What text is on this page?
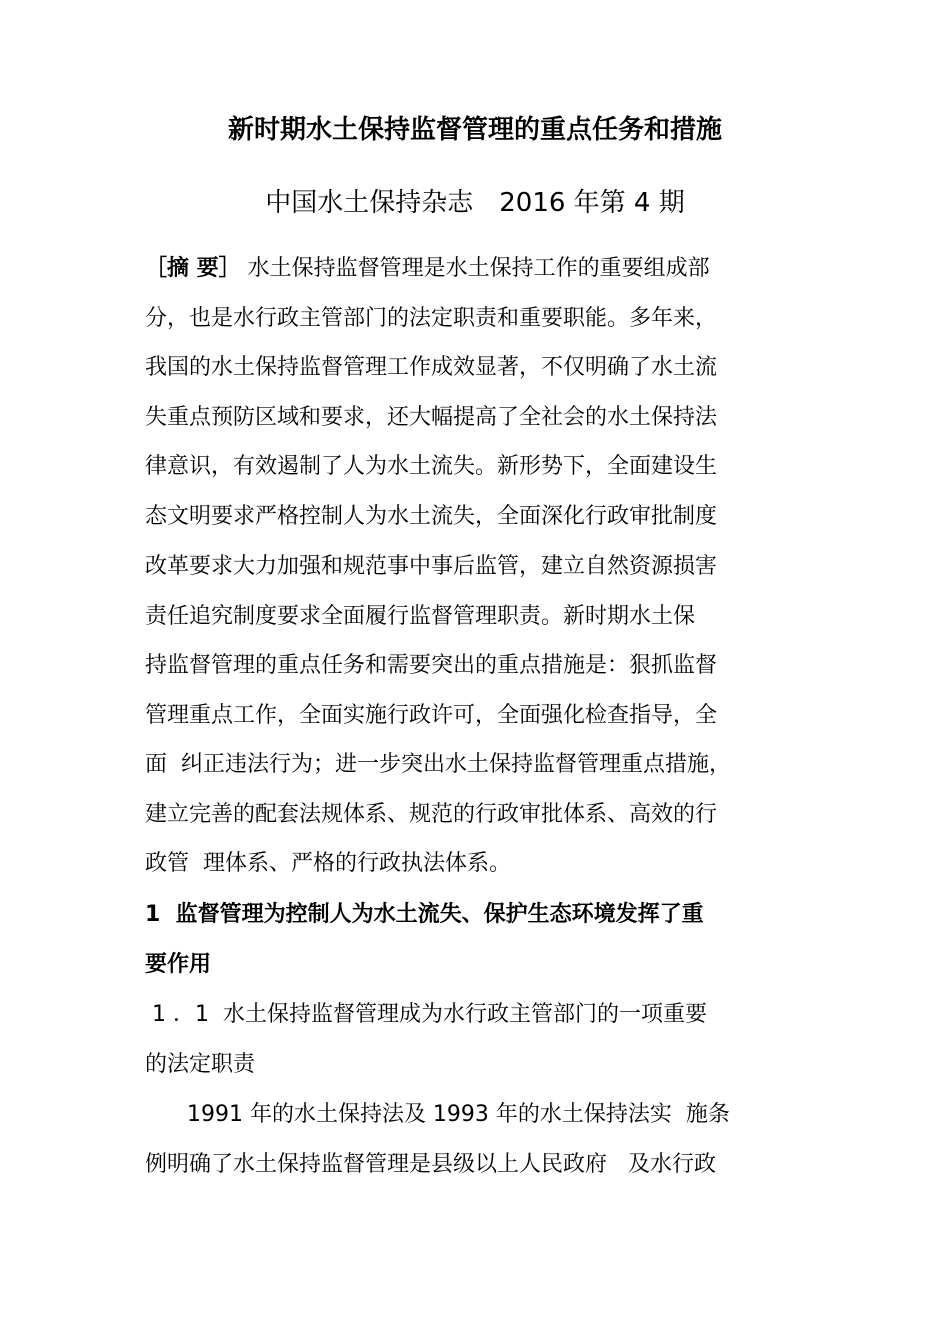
新时期水土保持监督管理的重点任务和措施
中国水土保持杂志　2016 年第 4 期
［摘 要］ 水土保持监督管理是水土保持工作的重要组成部
分，也是水行政主管部门的法定职责和重要职能。多年来，
我国的水土保持监督管理工作成效显著，不仅明确了水土流
失重点预防区域和要求，还大幅提高了全社会的水土保持法
律意识，有效遏制了人为水土流失。新形势下，全面建设生
态文明要求严格控制人为水土流失，全面深化行政审批制度
改革要求大力加强和规范事中事后监管，建立自然资源损害
责任追究制度要求全面履行监督管理职责。新时期水土保
持监督管理的重点任务和需要突出的重点措施是：狠抓监督
管理重点工作，全面实施行政许可，全面强化检查指导，全
面  纠正违法行为；进一步突出水土保持监督管理重点措施，
建立完善的配套法规体系、规范的行政审批体系、高效的行
政管  理体系、严格的行政执法体系。
1  监督管理为控制人为水土流失、保护生态环境发挥了重
要作用
1 ．1  水土保持监督管理成为水行政主管部门的一项重要
的法定职责
1991 年的水土保持法及 1993 年的水土保持法实  施条
例明确了水土保持监督管理是县级以上人民政府   及水行政
